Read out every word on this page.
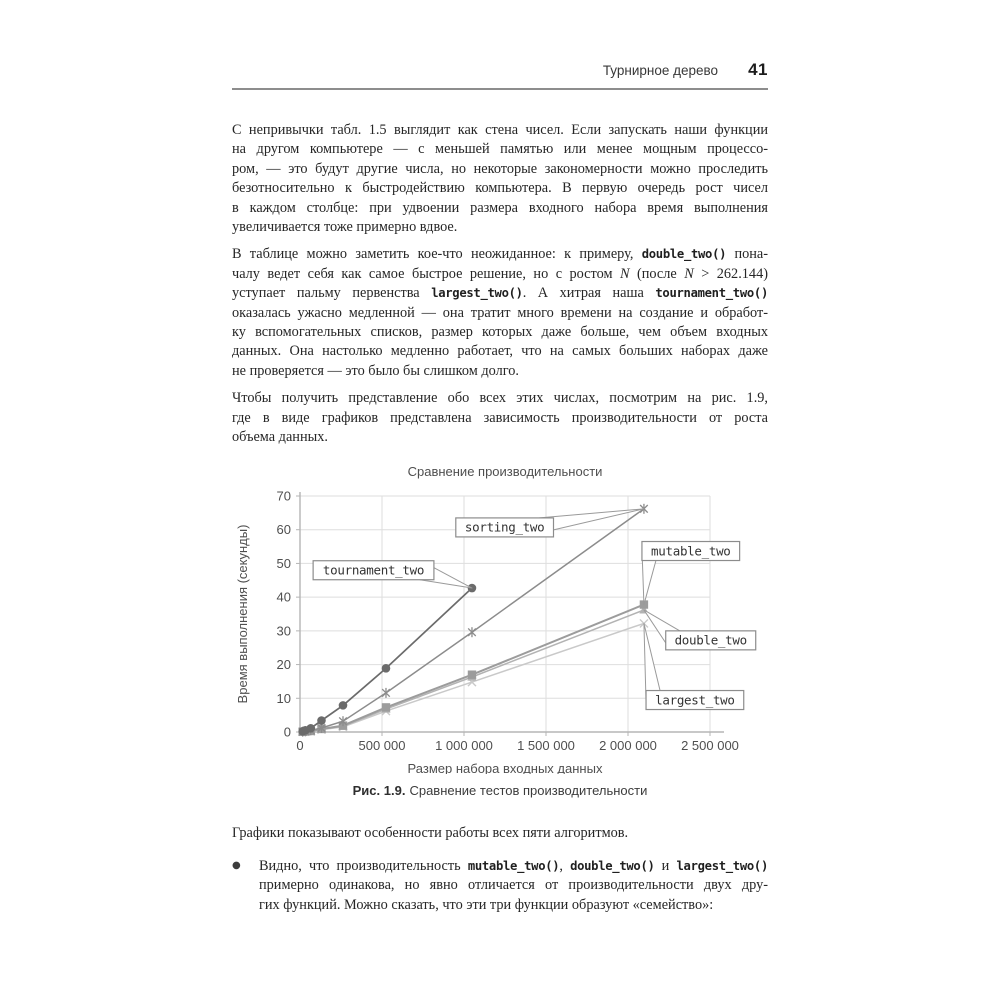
Турнирное дерево 41
С непривычки табл. 1.5 выглядит как стена чисел. Если запускать наши функции
на другом компьютере — с меньшей памятью или менее мощным процессо-
ром, — это будут другие числа, но некоторые закономерности можно проследить
безотносительно к быстродействию компьютера. В первую очередь рост чисел
в каждом столбце: при удвоении размера входного набора время выполнения
увеличивается тоже примерно вдвое.
В таблице можно заметить кое-что неожиданное: к примеру, double_two() пона-
чалу ведет себя как самое быстрое решение, но с ростом N (после N > 262.144)
уступает пальму первенства largest_two(). А хитрая наша tournament_two()
оказалась ужасно медленной — она тратит много времени на создание и обработ-
ку вспомогательных списков, размер которых даже больше, чем объем входных
данных. Она настолько медленно работает, что на самых больших наборах даже
не проверяется — это было бы слишком долго.
Чтобы получить представление обо всех этих числах, посмотрим на рис. 1.9,
где в виде графиков представлена зависимость производительности от роста
объема данных.
0
10
20
30
40
50
60
70
0	500 000 1 000 000 1 500 000 2 000 000 2 500 000
Сравнение производительности
Размер набора входных данных
Время выполнения (секунды)	sorting_two
tournament_two
mutable_two
double_two
largest_two
Рис. 1.9. Сравнение тестов производительности
Графики показывают особенности работы всех пяти алгоритмов.
●	Видно, что производительность mutable_two(), double_two() и largest_two()
примерно одинакова, но явно отличается от производительности двух дру-
гих функций. Можно сказать, что эти три функции образуют «семейство»:
